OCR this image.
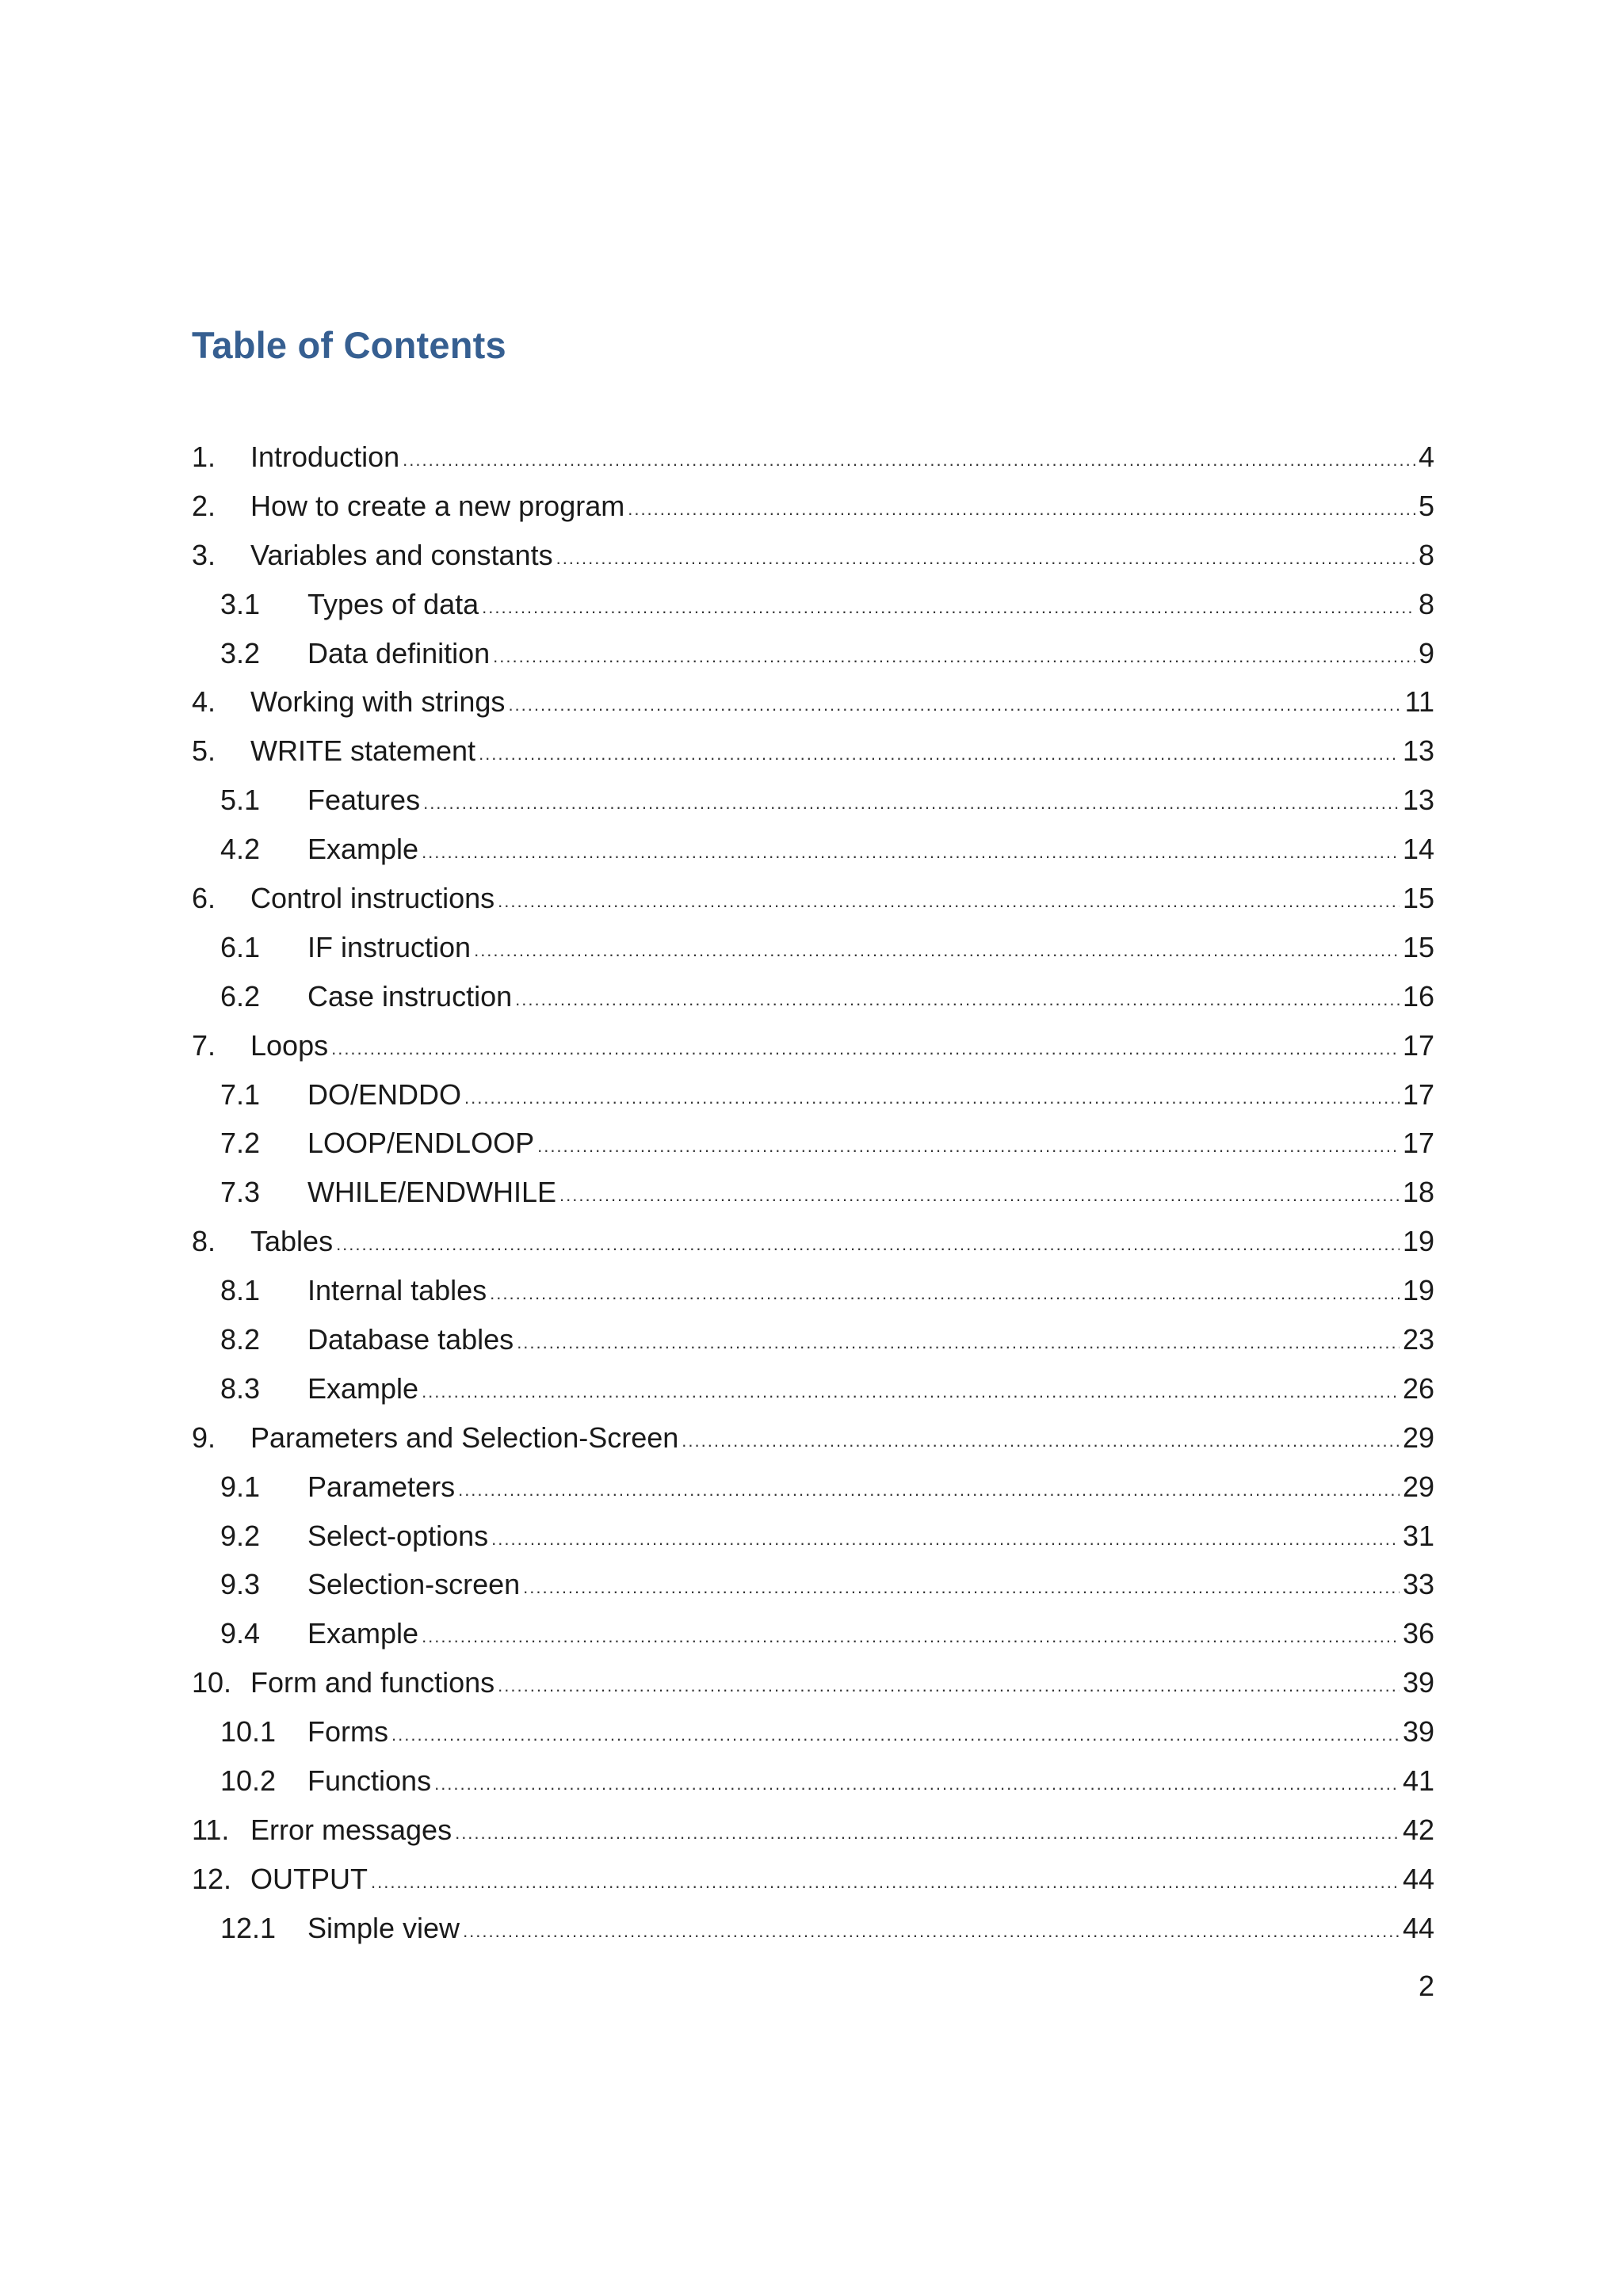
Table of Contents
1.	Introduction .....	4
2.	How to create a new program .....	5
3.	Variables and constants .....	8
3.1	Types of data .....	8
3.2	Data definition .....	9
4.	Working with strings .....	11
5.	WRITE statement .....	13
5.1	Features .....	13
4.2	Example .....	14
6.	Control instructions .....	15
6.1	IF instruction .....	15
6.2	Case instruction .....	16
7.	Loops .....	17
7.1	DO/ENDDO .....	17
7.2	LOOP/ENDLOOP .....	17
7.3	WHILE/ENDWHILE .....	18
8.	Tables .....	19
8.1	Internal tables .....	19
8.2	Database tables .....	23
8.3	Example .....	26
9.	Parameters and Selection-Screen .....	29
9.1	Parameters .....	29
9.2	Select-options .....	31
9.3	Selection-screen .....	33
9.4	Example .....	36
10. Form and functions .....	39
10.1	Forms .....	39
10.2	Functions .....	41
11. Error messages .....	42
12. OUTPUT .....	44
12.1	Simple view .....	44
2
